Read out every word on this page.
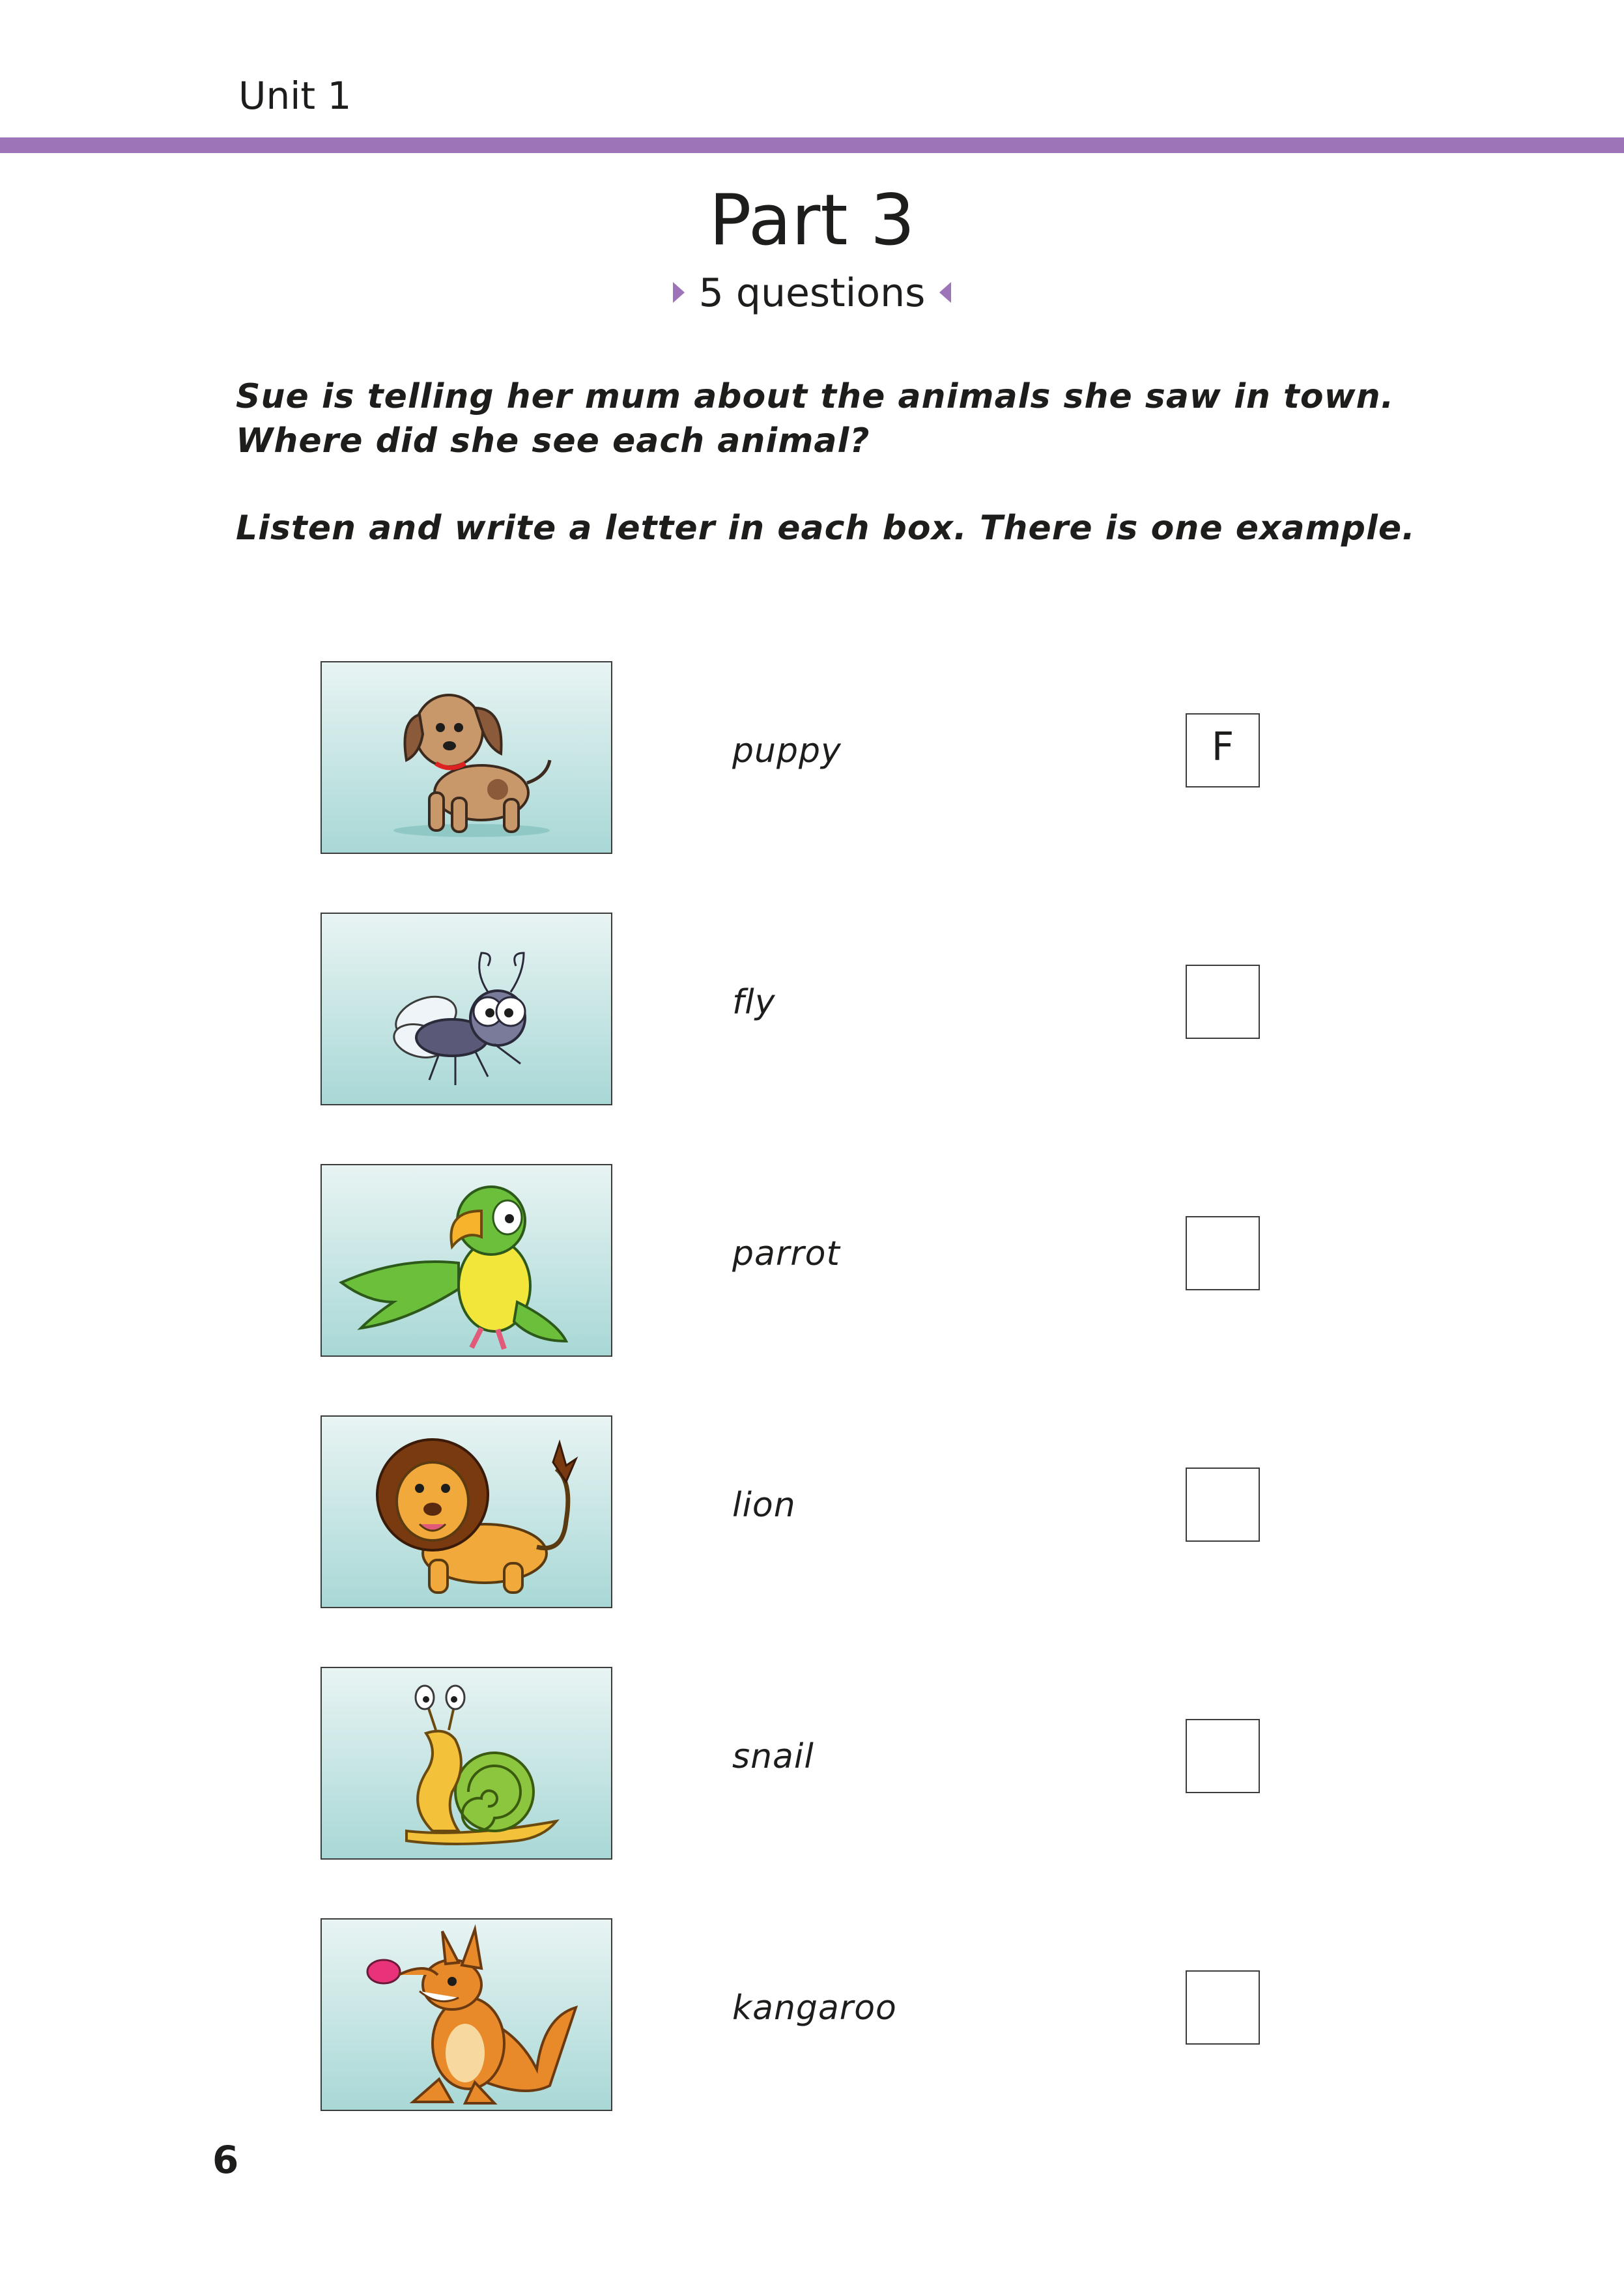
Unit 1
Part 3
5 questions

Sue is telling her mum about the animals she saw in town. Where did she see each animal?

Listen and write a letter in each box. There is one example.

puppy	F
fly
parrot
lion
snail
kangaroo
6
